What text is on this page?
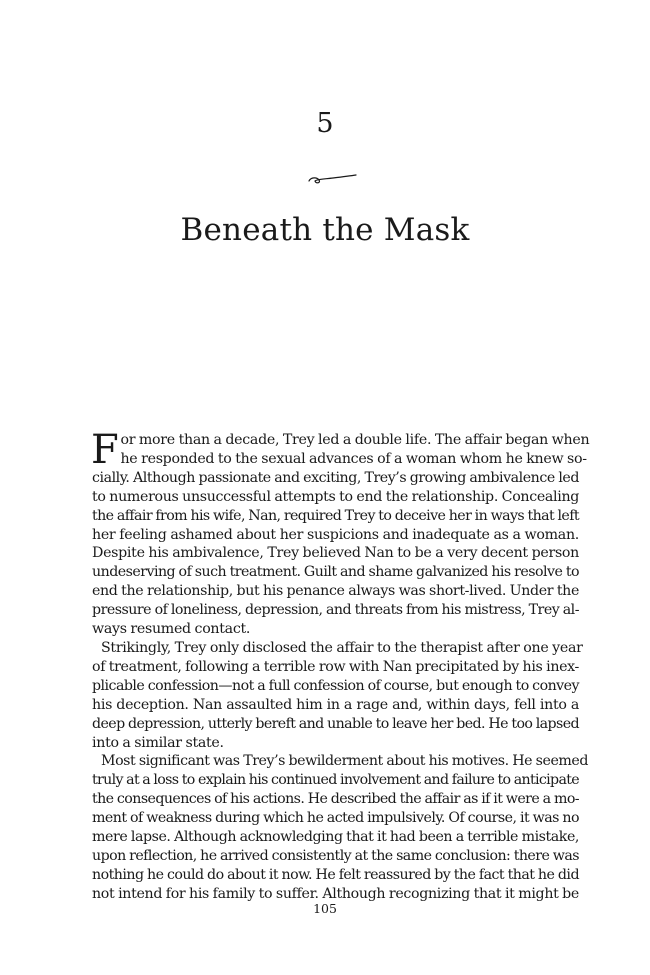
5
Beneath the Mask

F or more than a decade, Trey led a double life. The affair began when
he responded to the sexual advances of a woman whom he knew so-
cially. Although passionate and exciting, Trey’s growing ambivalence led
to numerous unsuccessful attempts to end the relationship. Concealing
the affair from his wife, Nan, required Trey to deceive her in ways that left
her feeling ashamed about her suspicions and inadequate as a woman.
Despite his ambivalence, Trey believed Nan to be a very decent person
undeserving of such treatment. Guilt and shame galvanized his resolve to
end the relationship, but his penance always was short-lived. Under the
pressure of loneliness, depression, and threats from his mistress, Trey al-
ways resumed contact.

Strikingly, Trey only disclosed the affair to the therapist after one year
of treatment, following a terrible row with Nan precipitated by his inex-
plicable confession—not a full confession of course, but enough to convey
his deception. Nan assaulted him in a rage and, within days, fell into a
deep depression, utterly bereft and unable to leave her bed. He too lapsed
into a similar state.

Most significant was Trey’s bewilderment about his motives. He seemed
truly at a loss to explain his continued involvement and failure to anticipate
the consequences of his actions. He described the affair as if it were a mo-
ment of weakness during which he acted impulsively. Of course, it was no
mere lapse. Although acknowledging that it had been a terrible mistake,
upon reflection, he arrived consistently at the same conclusion: there was
nothing he could do about it now. He felt reassured by the fact that he did
not intend for his family to suffer. Although recognizing that it might be

105
